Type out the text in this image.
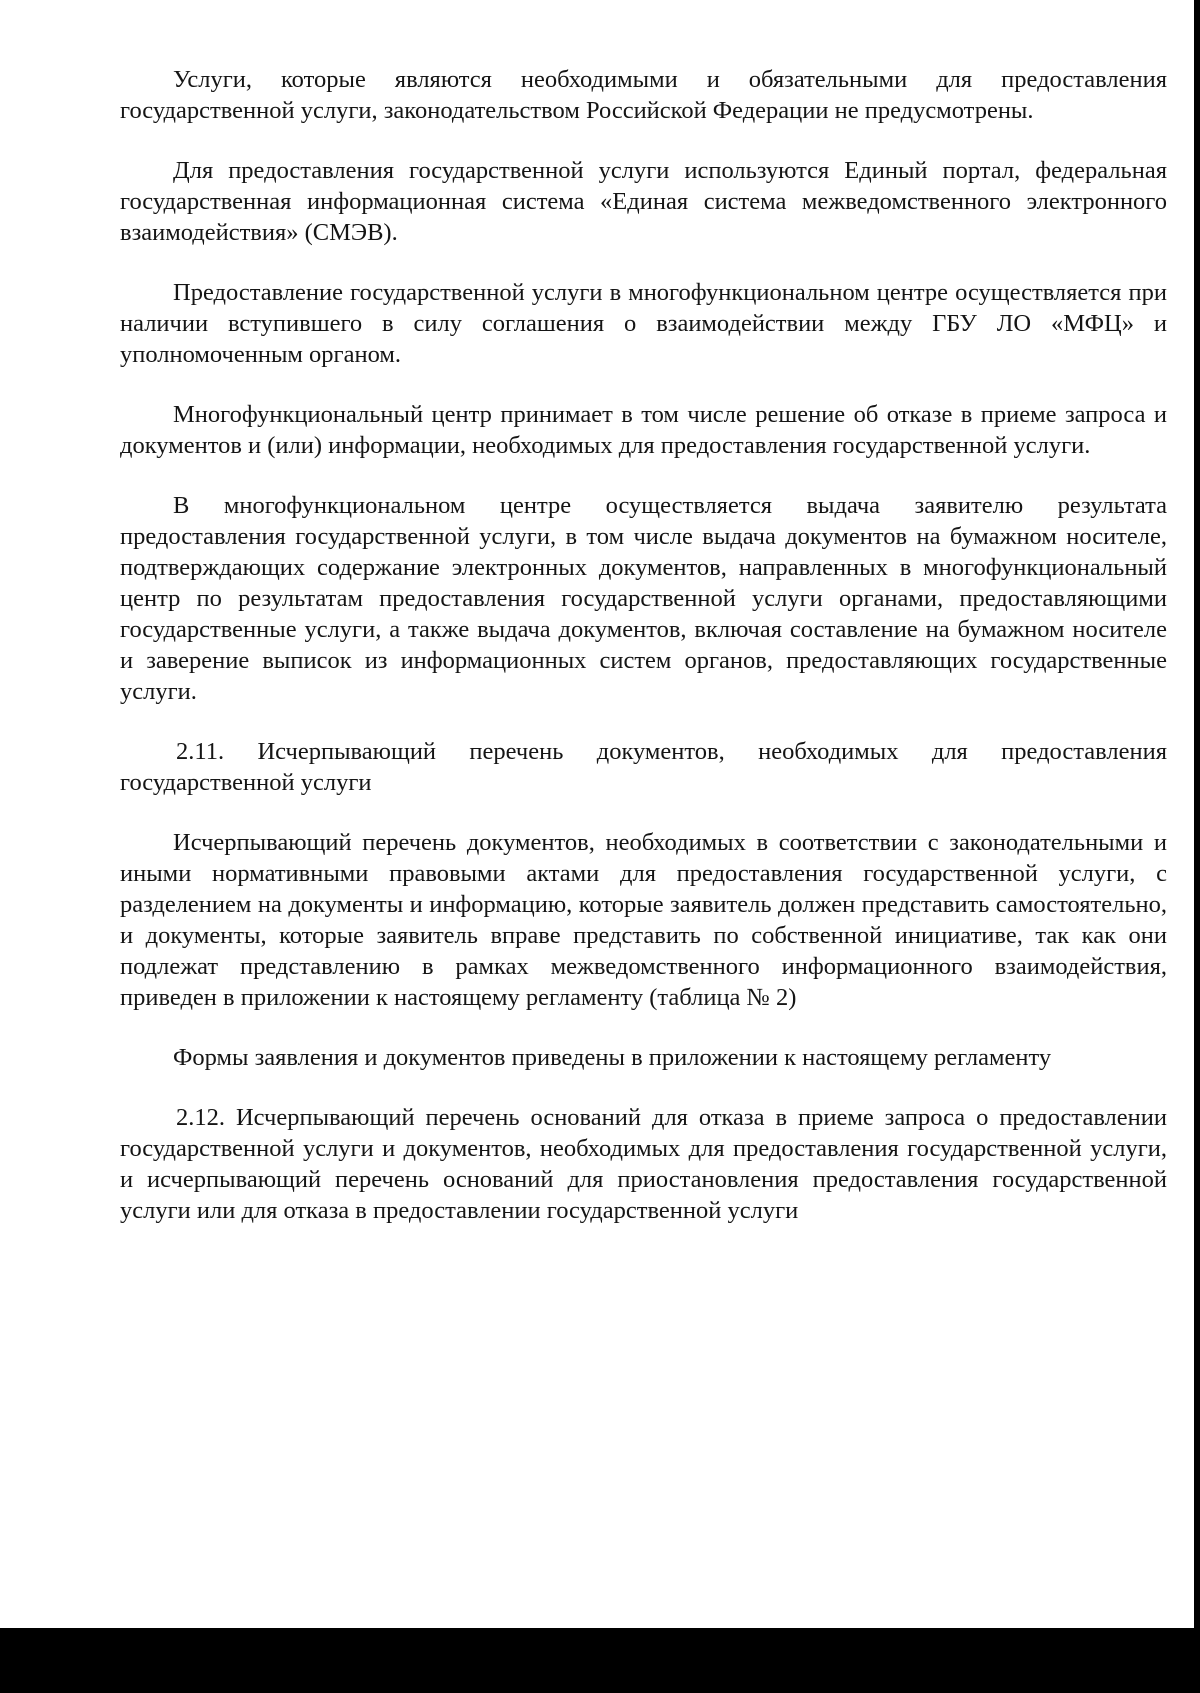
Услуги, которые являются необходимыми и обязательными для предоставления государственной услуги, законодательством Российской Федерации не предусмотрены.

Для предоставления государственной услуги используются Единый портал, федеральная государственная информационная система «Единая система межведомственного электронного взаимодействия» (СМЭВ).

Предоставление государственной услуги в многофункциональном центре осуществляется при наличии вступившего в силу соглашения о взаимодействии между ГБУ ЛО «МФЦ» и уполномоченным органом.

Многофункциональный центр принимает в том числе решение об отказе в приеме запроса и документов и (или) информации, необходимых для предоставления государственной услуги.

В многофункциональном центре осуществляется выдача заявителю результата предоставления государственной услуги, в том числе выдача документов на бумажном носителе, подтверждающих содержание электронных документов, направленных в многофункциональный центр по результатам предоставления государственной услуги органами, предоставляющими государственные услуги, а также выдача документов, включая составление на бумажном носителе и заверение выписок из информационных систем органов, предоставляющих государственные услуги.

2.11. Исчерпывающий перечень документов, необходимых для предоставления государственной услуги

Исчерпывающий перечень документов, необходимых в соответствии с законодательными и иными нормативными правовыми актами для предоставления государственной услуги, с разделением на документы и информацию, которые заявитель должен представить самостоятельно, и документы, которые заявитель вправе представить по собственной инициативе, так как они подлежат представлению в рамках межведомственного информационного взаимодействия, приведен в приложении к настоящему регламенту (таблица № 2)

Формы заявления и документов приведены в приложении к настоящему регламенту

2.12. Исчерпывающий перечень оснований для отказа в приеме запроса о предоставлении государственной услуги и документов, необходимых для предоставления государственной услуги, и исчерпывающий перечень оснований для приостановления предоставления государственной услуги или для отказа в предоставлении государственной услуги
